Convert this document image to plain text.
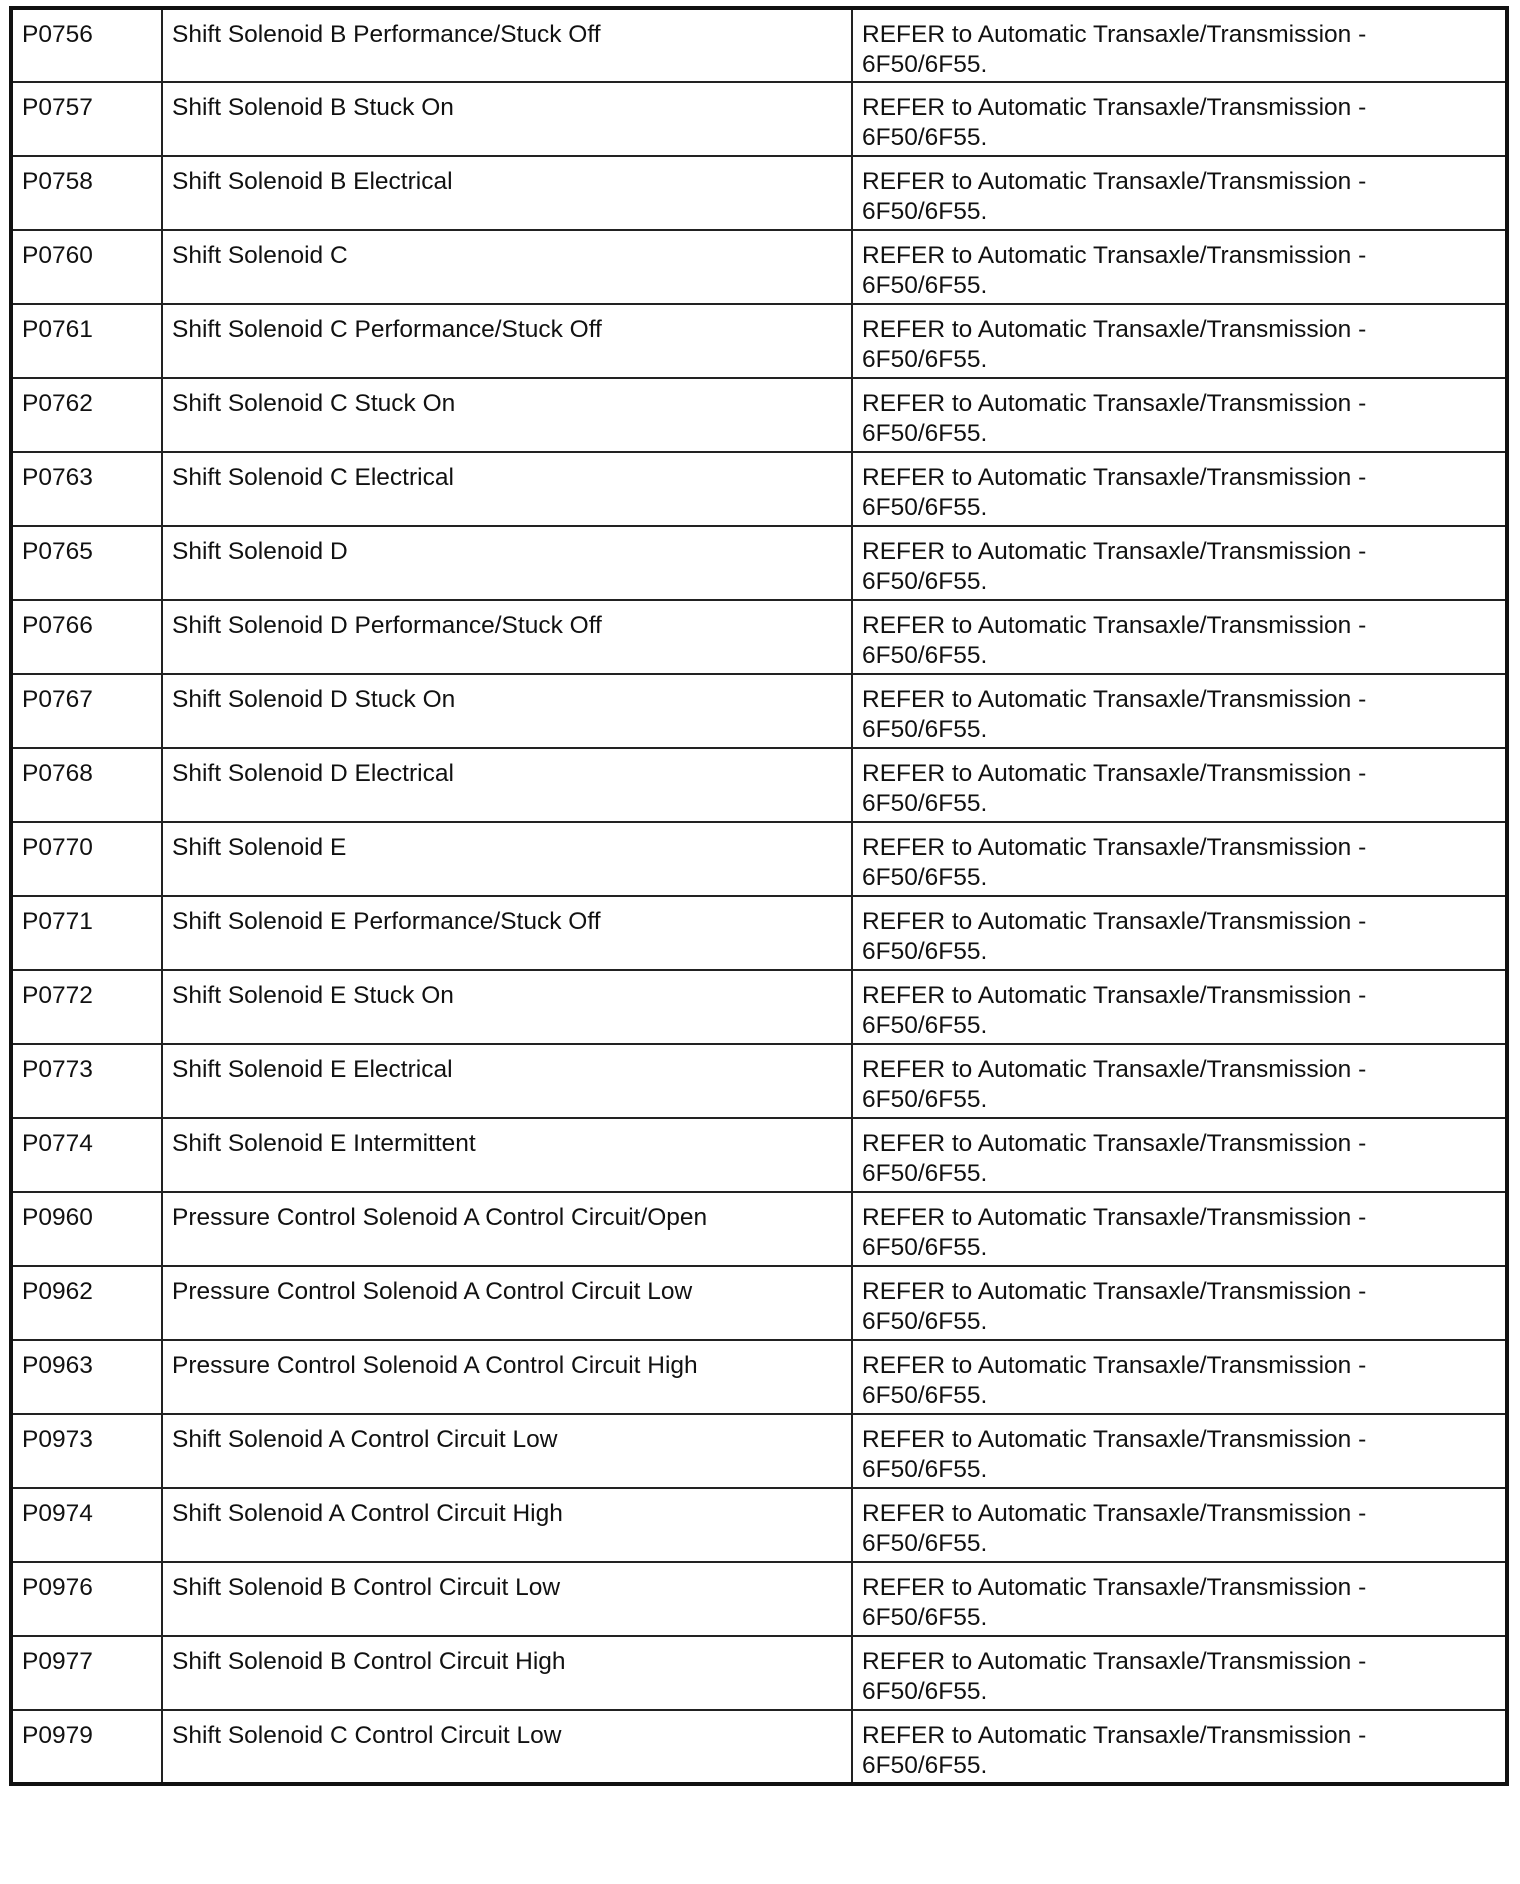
P0756	Shift Solenoid B Performance/Stuck Off	REFER to Automatic Transaxle/Transmission -
6F50/6F55.
P0757	Shift Solenoid B Stuck On	REFER to Automatic Transaxle/Transmission -
6F50/6F55.
P0758	Shift Solenoid B Electrical	REFER to Automatic Transaxle/Transmission -
6F50/6F55.
P0760	Shift Solenoid C	REFER to Automatic Transaxle/Transmission -
6F50/6F55.
P0761	Shift Solenoid C Performance/Stuck Off	REFER to Automatic Transaxle/Transmission -
6F50/6F55.
P0762	Shift Solenoid C Stuck On	REFER to Automatic Transaxle/Transmission -
6F50/6F55.
P0763	Shift Solenoid C Electrical	REFER to Automatic Transaxle/Transmission -
6F50/6F55.
P0765	Shift Solenoid D	REFER to Automatic Transaxle/Transmission -
6F50/6F55.
P0766	Shift Solenoid D Performance/Stuck Off	REFER to Automatic Transaxle/Transmission -
6F50/6F55.
P0767	Shift Solenoid D Stuck On	REFER to Automatic Transaxle/Transmission -
6F50/6F55.
P0768	Shift Solenoid D Electrical	REFER to Automatic Transaxle/Transmission -
6F50/6F55.
P0770	Shift Solenoid E	REFER to Automatic Transaxle/Transmission -
6F50/6F55.
P0771	Shift Solenoid E Performance/Stuck Off	REFER to Automatic Transaxle/Transmission -
6F50/6F55.
P0772	Shift Solenoid E Stuck On	REFER to Automatic Transaxle/Transmission -
6F50/6F55.
P0773	Shift Solenoid E Electrical	REFER to Automatic Transaxle/Transmission -
6F50/6F55.
P0774	Shift Solenoid E Intermittent	REFER to Automatic Transaxle/Transmission -
6F50/6F55.
P0960	Pressure Control Solenoid A Control Circuit/Open	REFER to Automatic Transaxle/Transmission -
6F50/6F55.
P0962	Pressure Control Solenoid A Control Circuit Low	REFER to Automatic Transaxle/Transmission -
6F50/6F55.
P0963	Pressure Control Solenoid A Control Circuit High	REFER to Automatic Transaxle/Transmission -
6F50/6F55.
P0973	Shift Solenoid A Control Circuit Low	REFER to Automatic Transaxle/Transmission -
6F50/6F55.
P0974	Shift Solenoid A Control Circuit High	REFER to Automatic Transaxle/Transmission -
6F50/6F55.
P0976	Shift Solenoid B Control Circuit Low	REFER to Automatic Transaxle/Transmission -
6F50/6F55.
P0977	Shift Solenoid B Control Circuit High	REFER to Automatic Transaxle/Transmission -
6F50/6F55.
P0979	Shift Solenoid C Control Circuit Low	REFER to Automatic Transaxle/Transmission -
6F50/6F55.
